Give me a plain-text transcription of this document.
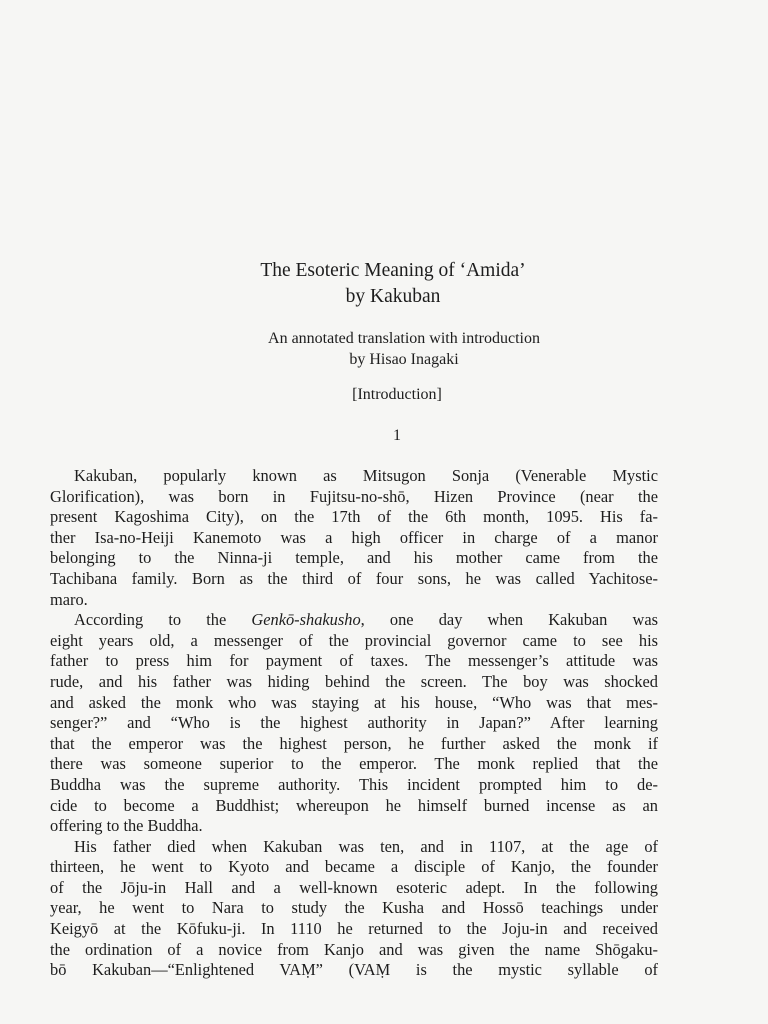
The Esoteric Meaning of ‘Amida’
by Kakuban
An annotated translation with introduction
by Hisao Inagaki
[Introduction]
1
Kakuban, popularly known as Mitsugon Sonja (Venerable Mystic
Glorification), was born in Fujitsu-no-shō, Hizen Province (near the
present Kagoshima City), on the 17th of the 6th month, 1095. His fa-
ther Isa-no-Heiji Kanemoto was a high officer in charge of a manor
belonging to the Ninna-ji temple, and his mother came from the
Tachibana family. Born as the third of four sons, he was called Yachitose-
maro.
According to the Genkō-shakusho, one day when Kakuban was
eight years old, a messenger of the provincial governor came to see his
father to press him for payment of taxes. The messenger’s attitude was
rude, and his father was hiding behind the screen. The boy was shocked
and asked the monk who was staying at his house, “Who was that mes-
senger?” and “Who is the highest authority in Japan?” After learning
that the emperor was the highest person, he further asked the monk if
there was someone superior to the emperor. The monk replied that the
Buddha was the supreme authority. This incident prompted him to de-
cide to become a Buddhist; whereupon he himself burned incense as an
offering to the Buddha.
His father died when Kakuban was ten, and in 1107, at the age of
thirteen, he went to Kyoto and became a disciple of Kanjo, the founder
of the Jōju-in Hall and a well-known esoteric adept. In the following
year, he went to Nara to study the Kusha and Hossō teachings under
Keigyō at the Kōfuku-ji. In 1110 he returned to the Joju-in and received
the ordination of a novice from Kanjo and was given the name Shōgaku-
bō Kakuban—“Enlightened VAṂ” (VAṂ is the mystic syllable of
